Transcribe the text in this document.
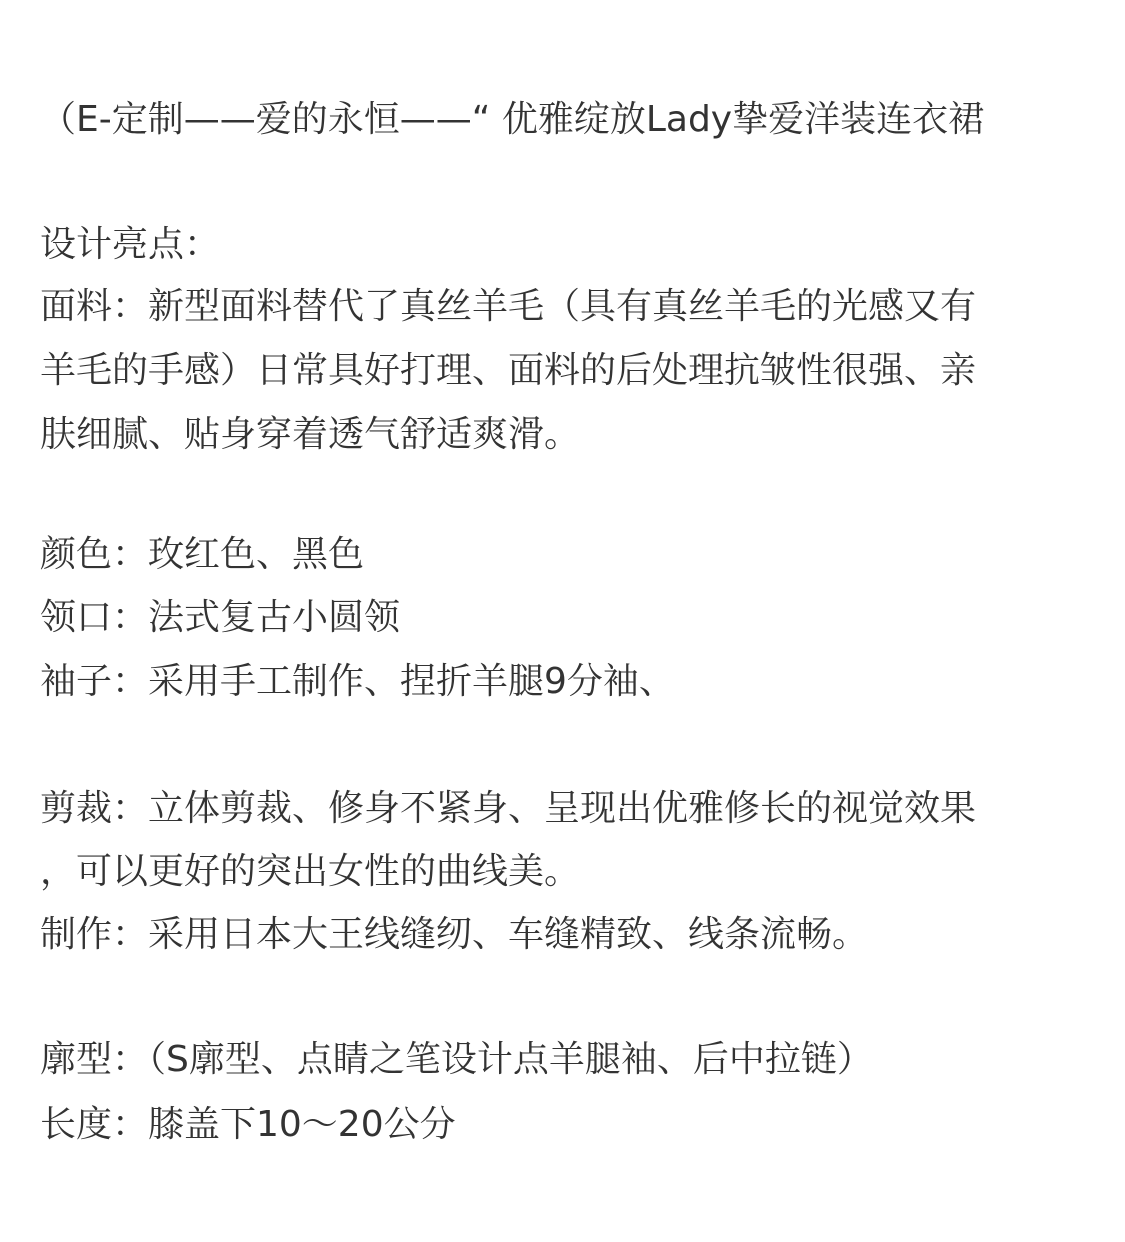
（E-定制——爱的永恒——“ 优雅绽放Lady挚爱洋装连衣裙
设计亮点：
面料：新型面料替代了真丝羊毛（具有真丝羊毛的光感又有
羊毛的手感）日常具好打理、面料的后处理抗皱性很强、亲
肤细腻、贴身穿着透气舒适爽滑。
颜色：玫红色、黑色
领口：法式复古小圆领
袖子：采用手工制作、捏折羊腿9分袖、
剪裁：立体剪裁、修身不紧身、呈现出优雅修长的视觉效果
，可以更好的突出女性的曲线美。
制作：采用日本大王线缝纫、车缝精致、线条流畅。
廓型：（S廓型、点睛之笔设计点羊腿袖、后中拉链）
长度：膝盖下10～20公分
